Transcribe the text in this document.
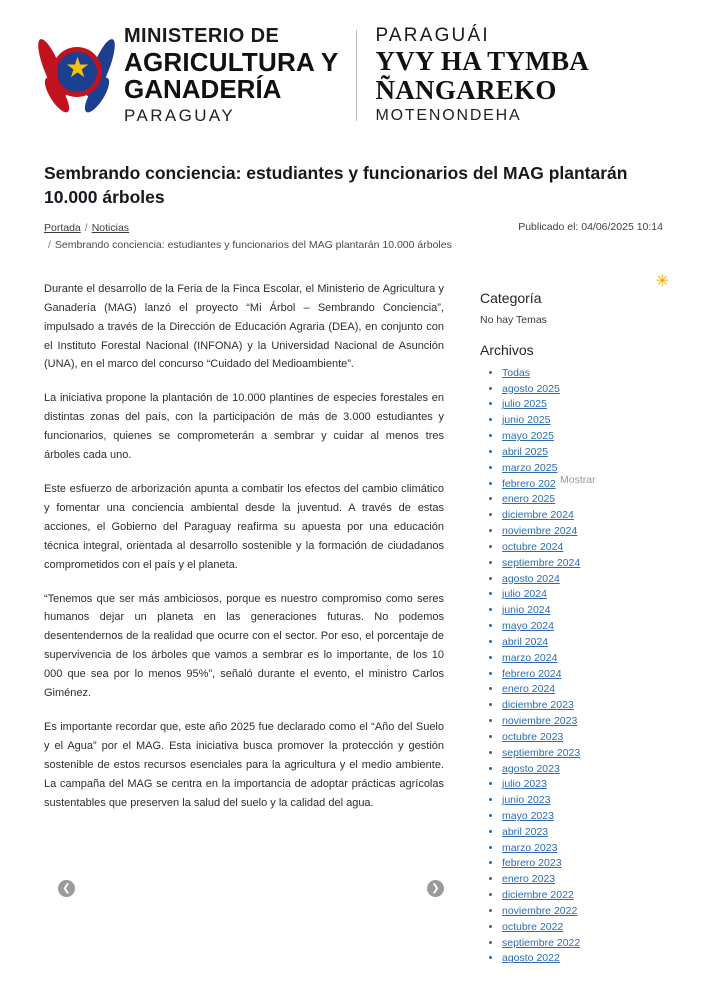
★
MINISTERIO DE
AGRICULTURA Y
GANADERÍA
PARAGUAY
PARAGUÁI
YVY HA TYMBA
ÑANGAREKO
MOTENONDEHA
Sembrando conciencia: estudiantes y funcionarios del MAG plantarán 10.000 árboles
Portada / Noticias
/ Sembrando conciencia: estudiantes y funcionarios del MAG plantarán 10.000 árboles
Publicado el: 04/06/2025 10:14

Durante el desarrollo de la Feria de la Finca Escolar, el Ministerio de Agricultura y Ganadería (MAG) lanzó el proyecto “Mi Árbol – Sembrando Conciencia”, impulsado a través de la Dirección de Educación Agraria (DEA), en conjunto con el Instituto Forestal Nacional (INFONA) y la Universidad Nacional de Asunción (UNA), en el marco del concurso “Cuidado del Medioambiente”.

La iniciativa propone la plantación de 10.000 plantines de especies forestales en distintas zonas del país, con la participación de más de 3.000 estudiantes y funcionarios, quienes se comprometerán a sembrar y cuidar al menos tres árboles cada uno.

Este esfuerzo de arborización apunta a combatir los efectos del cambio climático y fomentar una conciencia ambiental desde la juventud. A través de estas acciones, el Gobierno del Paraguay reafirma su apuesta por una educación técnica integral, orientada al desarrollo sostenible y la formación de ciudadanos comprometidos con el país y el planeta.

“Tenemos que ser más ambiciosos, porque es nuestro compromiso como seres humanos dejar un planeta en las generaciones futuras. No podemos desentendernos de la realidad que ocurre con el sector. Por eso, el porcentaje de supervivencia de los árboles que vamos a sembrar es lo importante, de los 10 000 que sea por lo menos 95%”, señaló durante el evento, el ministro Carlos Giménez.

Es importante recordar que, este año 2025 fue declarado como el “Año del Suelo y el Agua” por el MAG. Esta iniciativa busca promover la protección y gestión sostenible de estos recursos esenciales para la agricultura y el medio ambiente. La campaña del MAG se centra en la importancia de adoptar prácticas agrícolas sustentables que preserven la salud del suelo y la calidad del agua.

✳
Categoría
No hay Temas
Archivos
Mostrar
• Todas
• agosto 2025
• julio 2025
• junio 2025
• mayo 2025
• abril 2025
• marzo 2025
• febrero 202
• enero 2025
• diciembre 2024
• noviembre 2024
• octubre 2024
• septiembre 2024
• agosto 2024
• julio 2024
• junio 2024
• mayo 2024
• abril 2024
• marzo 2024
• febrero 2024
• enero 2024
• diciembre 2023
• noviembre 2023
• octubre 2023
• septiembre 2023
• agosto 2023
• julio 2023
• junio 2023
• mayo 2023
• abril 2023
• marzo 2023
• febrero 2023
• enero 2023
• diciembre 2022
• noviembre 2022
• octubre 2022
• septiembre 2022
• agosto 2022
❮	❯
